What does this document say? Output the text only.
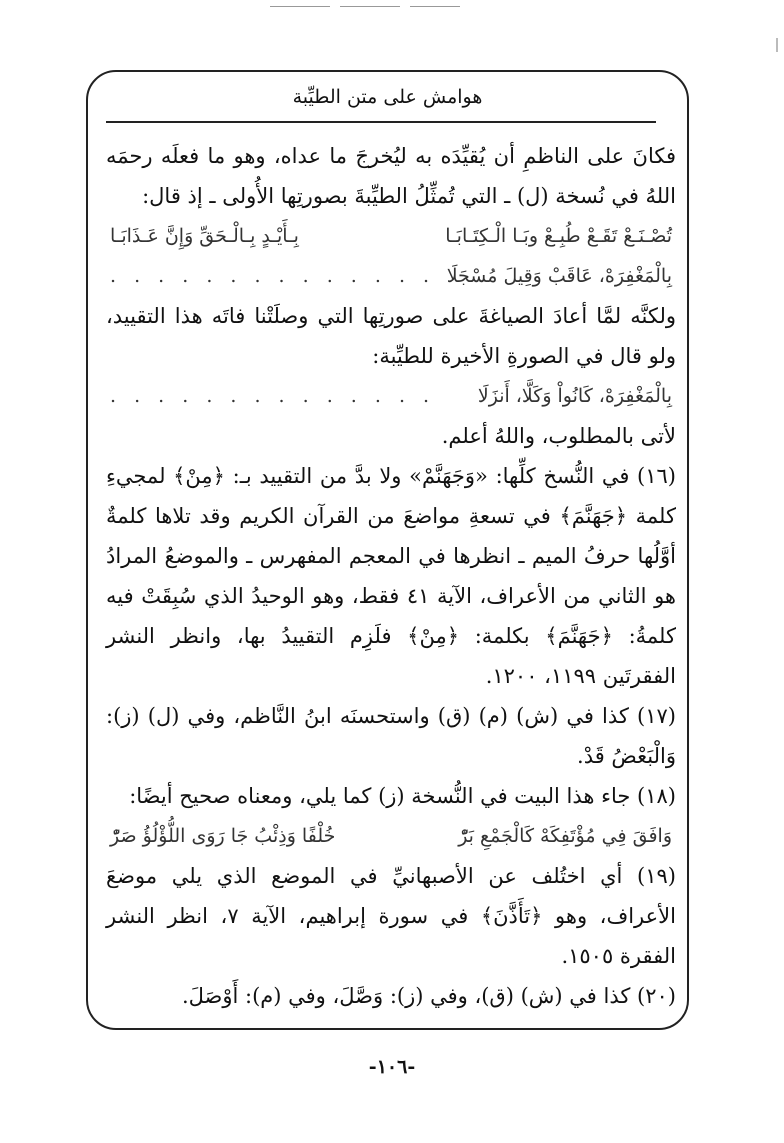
هوامش على متن الطيِّبة

فكانَ على الناظمِ أن يُقيِّدَه به ليُخرجَ ما عداه، وهو ما فعلَه رحمَه اللهُ في نُسخة (ل) ـ التي تُمثِّلُ الطيِّبةَ بصورتِها الأُولى ـ إذ قال:

تُصْـنَـعْ تَقَـعْ طُبِـعْ وبَـا الْـكِتَـابَـا
بِـأَيْـدٍ بِـالْـحَقِّ وَإِنَّ عَـذَابَـا
بِالْمَغْفِرَهْ، عَاقَبْ وَقِيلَ مُسْجَلَا
. . . . . . . . . . . . . .

ولكنَّه لمَّا أعادَ الصياغةَ على صورتِها التي وصلَتْنا فاتَه هذا التقييد، ولو قال في الصورةِ الأخيرة للطيِّبة:

بِالْمَغْفِرَهْ، كَانُواْ وَكَلَّا، أَنزَلَا
. . . . . . . . . . . . . .

لأتى بالمطلوب، واللهُ أعلم.

(١٦) في النُّسخ كلِّها: «وَجَهَنَّمْ» ولا بدَّ من التقييد بـ: ﴿مِنْ﴾ لمجيءِ كلمة ﴿جَهَنَّمَ﴾ في تسعةِ مواضعَ من القرآن الكريم وقد تلاها كلمةٌ أوَّلُها حرفُ الميم ـ انظرها في المعجم المفهرس ـ والموضعُ المرادُ هو الثاني من الأعراف، الآية ٤١ فقط، وهو الوحيدُ الذي سُبِقَتْ فيه كلمةُ: ﴿جَهَنَّمَ﴾ بكلمة: ﴿مِنْ﴾ فلَزِم التقييدُ بها، وانظر النشر الفقرتَين ١١٩٩، ١٢٠٠.

(١٧) كذا في (ش) (م) (ق) واستحسنَه ابنُ النَّاظم، وفي (ل) (ز): وَالْبَعْضُ قَدْ.

(١٨) جاء هذا البيت في النُّسخة (ز) كما يلي، ومعناه صحيح أيضًا:

وَافَقَ فِي مُؤْتَفِكَهْ كَالْجَمْعِ بَرّْ
خُلْفًا وَذِئْبُ جَا رَوَى اللُّؤْلُؤُ صَرّْ

(١٩) أي اختُلف عن الأصبهانيِّ في الموضع الذي يلي موضعَ الأعراف، وهو ﴿تَأَذَّنَ﴾ في سورة إبراهيم، الآية ٧، انظر النشر الفقرة ١٥٠٥.

(٢٠) كذا في (ش) (ق)، وفي (ز): وَصَّلَ، وفي (م): أَوْصَلَ.

-١٠٦-
